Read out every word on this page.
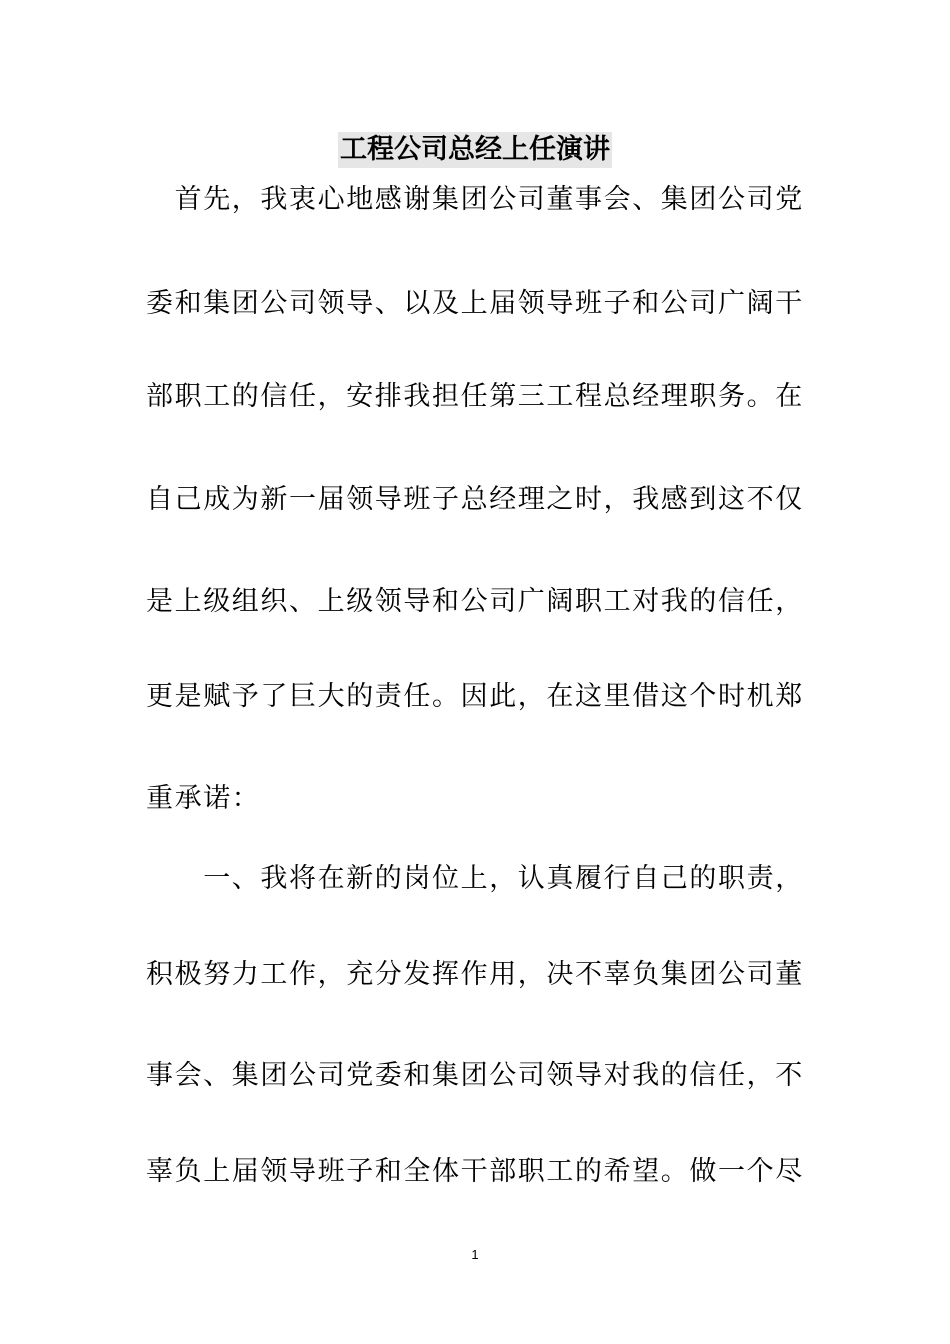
工程公司总经上任演讲
　首先，我衷心地感谢集团公司董事会、集团公司党
委和集团公司领导、以及上届领导班子和公司广阔干
部职工的信任，安排我担任第三工程总经理职务。在
自己成为新一届领导班子总经理之时，我感到这不仅
是上级组织、上级领导和公司广阔职工对我的信任，
更是赋予了巨大的责任。因此，在这里借这个时机郑
重承诺：
　　一、我将在新的岗位上，认真履行自己的职责，
积极努力工作，充分发挥作用，决不辜负集团公司董
事会、集团公司党委和集团公司领导对我的信任，不
辜负上届领导班子和全体干部职工的希望。做一个尽
1
